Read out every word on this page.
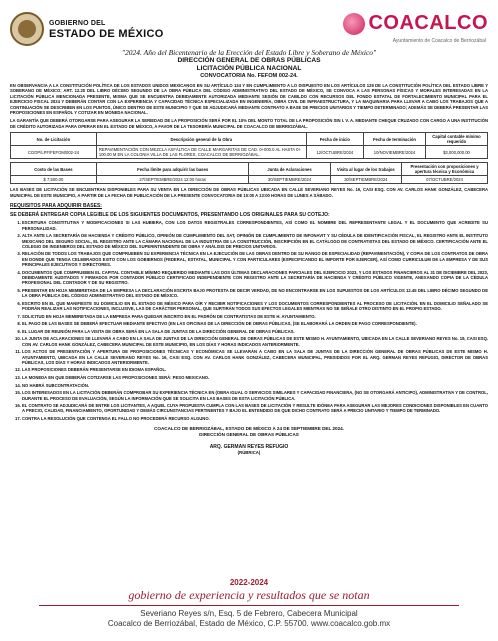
GOBIERNO DEL
ESTADO DE MÉXICO	COACALCO
Ayuntamiento de Coacalco de Berriozábal
"2024. Año del Bicentenario de la Erección del Estado Libre y Soberano de México"
DIRECCIÓN GENERAL DE OBRAS PÚBLICAS
LICITACIÓN PÚBLICA NACIONAL
CONVOCATORIA No. FEFOM 002-24.

EN OBSERVANCIA A LA CONSTITUCIÓN POLÍTICA DE LOS ESTADOS UNIDOS MEXICANOS EN SU ARTÍCULO 134 Y EN CUMPLIMIENTO A LO DISPUESTO EN LOS ARTÍCULOS 129 DE LA CONSTITUCIÓN POLÍTICA DEL ESTADO LIBRE Y SOBERANO DE MÉXICO; ART. 12.20 DEL LIBRO DÉCIMO SEGUNDO DE LA OBRA PÚBLICA DEL CÓDIGO ADMINISTRATIVO DEL ESTADO DE MÉXICO, SE CONVOCA A LAS PERSONAS FÍSICAS Y MORALES INTERESADAS EN LA LICITACIÓN PÚBLICA MENCIONADA PRESENTE, MISMA QUE SE ENCUENTRA DEBIDAMENTE AUTORIZADA MEDIANTE SESIÓN DE CABILDO CON RECURSOS DEL FONDO ESTATAL DE FORTALECIMIENTO MUNICIPAL PARA EL EJERCICIO FISCAL 2024 Y DEBERÁN CONTAR CON LA EXPERIENCIA Y CAPACIDAD TÉCNICA ESPECIALIZADA EN INGENIERÍA, OBRA CIVIL DE INFRAESTRUCTURA, Y LA MAQUINARIA PARA LLEVAR A CABO LOS TRABAJOS QUE A CONTINUACIÓN SE DESCRIBEN EN LOS PUNTOS, ÚNICO DENTRO DE ESTE MUNICIPIO Y QUE SE ADJUDICARÁ MEDIANTE CONTRATO A BASE DE PRECIOS UNITARIOS Y TIEMPO DETERMINADO; ADEMÁS SE DEBERÁ PRESENTAR LAS PROPOSICIONES EN ESPAÑOL Y COTIZAR EN MONEDA NACIONAL.

LA GARANTÍA QUE DEBERÁ OTORGARSE PARA ASEGURAR LA SERIEDAD DE LA PROPOSICIÓN SERÁ POR EL 10% DEL MONTO TOTAL DE LA PROPOSICIÓN SIN I. V. A. MEDIANTE CHEQUE CRUZADO CON CARGO A UNA INSTITUCIÓN DE CRÉDITO AUTORIZADA PARA OPERAR EN EL ESTADO DE MÉXICO, A FAVOR DE LA TESORERÍA MUNICIPAL DE COACALCO DE BERRIOZÁBAL.

No. de Licitación	Descripción general de la Obra	Fecha de inicio	Fecha de terminación	Capital contable mínimo requerido
CGOP/LPF/FEFOM/002-24	REPAVIMENTACIÓN CON MEZCLA ASFÁLTICA DE CALLE MARGARITAS DE CAD. 0+000.0 AL HASTA 0+ 100.00 M EN LA COLONIA VILLA DE LAS FLORES, COACALCO DE BERRIOZÁBAL.	12/OCTUBRE/2024	10/NOVIEMBRE/2024	$3,000,000.00
Costo de las Bases	Fecha límite para adquirir las bases	Junta de Aclaraciones	Visita al lugar de los trabajos	Presentación con proposiciones y apertura técnica y Económica
$ 7,500.00	27/SEPTIEMBRE/2024 12:00 horas	30/SEPTIEMBRE/2024	30/SEPTIEMBRE/2024	07/OCTUBRE/2024

LAS BASES DE LICITACIÓN SE ENCUENTRAN DISPONIBLES PARA SU VENTA EN LA DIRECCIÓN DE OBRAS PÚBLICAS UBICADA EN CALLE SEVERIANO REYES No. 19, CASI ESQ. CON AV. CARLOS HANK GONZÁLEZ, CABECERA MUNICIPAL DE ESTE MUNICIPIO, A PARTIR DE LA FECHA DE PUBLICACIÓN DE LA PRESENTE CONVOCATORIA DE 10:00 A 13:00 HORAS DE LUNES A SÁBADO.

REQUISITOS PARA ADQUIRIR BASES:
SE DEBERÁ ENTREGAR COPIA LEGIBLE DE LOS SIGUIENTES DOCUMENTOS, PRESENTANDO LOS ORIGINALES PARA SU COTEJO:
1. ESCRITURA CONSTITUTIVA Y MODIFICACIONES SI LAS HUBIERA, CON LOS DATOS REGISTRALES CORRESPONDIENTES, ASÍ COMO EL NOMBRE DEL REPRESENTANTE LEGAL Y EL DOCUMENTO QUE ACREDITE SU PERSONALIDAD.
2. ALTA ANTE LA SECRETARÍA DE HACIENDA Y CRÉDITO PÚBLICO, OPINIÓN DE CUMPLIMIENTO DEL SAT, OPINIÓN DE CUMPLIMIENTO DE INFONAVIT Y SU CÉDULA DE IDENTIFICACIÓN FISCAL, EL REGISTRO ANTE EL INSTITUTO MEXICANO DEL SEGURO SOCIAL, EL REGISTRO ANTE LA CÁMARA NACIONAL DE LA INDUSTRIA DE LA CONSTRUCCIÓN, INSCRIPCIÓN EN EL CATÁLOGO DE CONTRATISTAS DEL ESTADO DE MÉXICO. CERTIFICACIÓN ANTE EL COLEGIO DE INGENIEROS DEL ESTADO DE MÉXICO DEL SUPERINTENDENTE DE OBRA Y ANÁLISIS DE PRECIOS UNITARIOS.
3. RELACIÓN DE TODOS LOS TRABAJOS QUE COMPRUEBEN SU EXPERIENCIA TÉCNICA EN LA EJECUCIÓN DE LAS OBRAS DENTRO DE SU RANGO DE ESPECIALIDAD (REPAVIMENTACIÓN), Y COPIA DE LOS CONTRATOS DE OBRA EN DONDE QUE TENGA CELEBRADOS EXITO CON LOS GOBIERNOS (FEDERAL, ESTATAL, MUNICIPAL Y CON PARTICULARES (ESPECIFICANDO EL IMPORTE POR EJERCER), ASÍ COMO CURRICULUM DE LA EMPRESA Y DE SUS PRINCIPALES EJECUTIVOS Y DIRECTORES.
4. DOCUMENTOS QUE COMPRUEBEN EL CAPITAL CONTABLE MÍNIMO REQUERIDO MEDIANTE LAS DOS ÚLTIMAS DECLARACIONES PARCIALES DEL EJERCICIO 2023, Y LOS ESTADOS FINANCIEROS AL 31 DE DICIEMBRE DEL 2023, DEBIDAMENTE AUDITADOS Y FIRMADOS POR CONTADOR PÚBLICO CERTIFICADO INDEPENDIENTE CON REGISTRO ANTE LA SECRETARÍA DE HACIENDA Y CRÉDITO PÚBLICO VIGENTE, ANEXANDO COPIA DE LA CÉDULA PROFESIONAL DEL CONTADOR Y DE SU REGISTRO.
5. PRESENTAR EN HOJA MEMBRETADA DE LA EMPRESA LA DECLARACIÓN ESCRITA BAJO PROTESTA DE DECIR VERDAD, DE NO ENCONTRARSE EN LOS SUPUESTOS DE LOS ARTÍCULOS 12.45 DEL LIBRO DÉCIMO SEGUNDO DE LA OBRA PÚBLICA DEL CÓDIGO ADMINISTRATIVO DEL ESTADO DE MÉXICO.
6. ESCRITO EN EL QUE MANIFIESTE SU DOMICILIO EN EL ESTADO DE MÉXICO PARA OÍR Y RECIBIR NOTIFICACIONES Y LOS DOCUMENTOS CORRESPONDIENTES AL PROCESO DE LICITACIÓN. EN EL DOMICILIO SEÑALADO SE PODRÁN REALIZAR LAS NOTIFICACIONES, INCLUSIVE, LAS DE CARÁCTER PERSONAL, QUE SURTIRÁN TODOS SUS EFECTOS LEGALES MIENTRAS NO SE SEÑALE OTRO DISTINTO EN EL PROPIO ESTADO.
7. SOLICITUD EN HOJA MEMBRETADA DE LA EMPRESA PARA QUEDAR INSCRITO EN EL PADRÓN DE CONTRATISTAS DE ESTE H. AYUNTAMIENTO.
8. EL PAGO DE LAS BASES SE DEBERÁ EFECTUAR MEDIANTE EFECTIVO (EN LAS OFICINAS DE LA DIRECCIÓN DE OBRAS PÚBLICAS, (SE ELABORARÁ LA ORDEN DE PAGO CORRESPONDIENTE).
9. EL LUGAR DE REUNIÓN PARA LA VISITA DE OBRA SERÁ EN LA SALA DE JUNTAS DE LA DIRECCIÓN GENERAL DE OBRAS PÚBLICAS.
10. LA JUNTA DE ACLARACIONES SE LLEVARÁ A CABO EN LA SALA DE JUNTAS DE LA DIRECCIÓN GENERAL DE OBRAS PÚBLICAS DE ESTE MISMO H. AYUNTAMIENTO, UBICADA EN LA CALLE SEVERIANO REYES No. 19, CASI ESQ. CON AV. CARLOS HANK GONZÁLEZ, CABECERA MUNICIPAL DE ESTE MUNICIPIO, EN LOS DÍAS Y HORAS INDICADOS ANTERIORMENTE.
11. LOS ACTOS DE PRESENTACIÓN Y APERTURA DE PROPOSICIONES TÉCNICAS Y ECONÓMICAS SE LLEVARÁN A CABO EN LA SALA DE JUNTAS DE LA DIRECCIÓN GENERAL DE OBRAS PÚBLICAS DE ESTE MISMO H. AYUNTAMIENTO, UBICADA EN LA CALLE SEVERIANO REYES No. 19, CASI ESQ. CON AV. CARLOS HANK GONZÁLEZ, CABECERA MUNICIPAL, PRESIDIDOS POR EL ARQ. GERMAN REYES REFUGIO, DIRECTOR DE OBRAS PÚBLICAS, LOS DÍAS Y HORAS INDICADOS ANTERIORMENTE.
12. LAS PROPOSICIONES DEBERÁN PRESENTARSE EN IDIOMA ESPAÑOL.
13. LA MONEDA EN QUE DEBERÁN COTIZARSE LAS PROPOSICIONES SERÁ: PESO MEXICANO.
14. NO HABRÁ SUBCONTRATACIÓN.
15. LOS INTERESADOS EN LA LICITACIÓN DEBERÁN COMPROBAR SU EXPERIENCIA TÉCNICA EN (OBRA IGUAL O SERVICIOS SIMILARES Y CAPACIDAD FINANCIERA, (NO SE OTORGARÁ ANTICIPO), ADMINISTRATIVA Y DE CONTROL, DURANTE EL PROCESO DE EVALUACIÓN, SEGÚN LA INFORMACIÓN QUE SE SOLICITA EN LAS BASES DE ESTA LICITACIÓN PÚBLICA.
16. EL CONTRATO SE ADJUDICARÁ DE ENTRE LOS LICITANTES, A AQUEL CUYA PROPUESTA CUMPLA CON LAS BASES DE LICITACIÓN Y RESULTE IDÓNEA PARA ASEGURAR LAS MEJORES CONDICIONES DISPONIBLES EN CUANTO A PRECIO, CALIDAD, FINANCIAMIENTO, OPORTUNIDAD Y DEMÁS CIRCUNSTANCIAS PERTINENTES Y BAJO EL ENTENDIDO DE QUE DICHO CONTRATO SERÁ A PRECIO UNITARIO Y TIEMPO DE TERMINADO.
17. CONTRA LA RESOLUCIÓN QUE CONTENGA EL FALLO NO PROCEDERÁ RECURSO ALGUNO.
COACALCO DE BERRIOZÁBAL, ESTADO DE MÉXICO A 24 DE SEPTIEMBRE DEL 2024.
DIRECCIÓN GENERAL DE OBRAS PÚBLICAS
ARQ. GERMAN REYES REFUGIO
(RÚBRICA)
2022-2024
gobierno de experiencia y resultados que se notan
Severiano Reyes s/n, Esq. 5 de Febrero, Cabecera Municipal
Coacalco de Berriozábal, Estado de México, C.P. 55700. www.coacalco.gob.mx
